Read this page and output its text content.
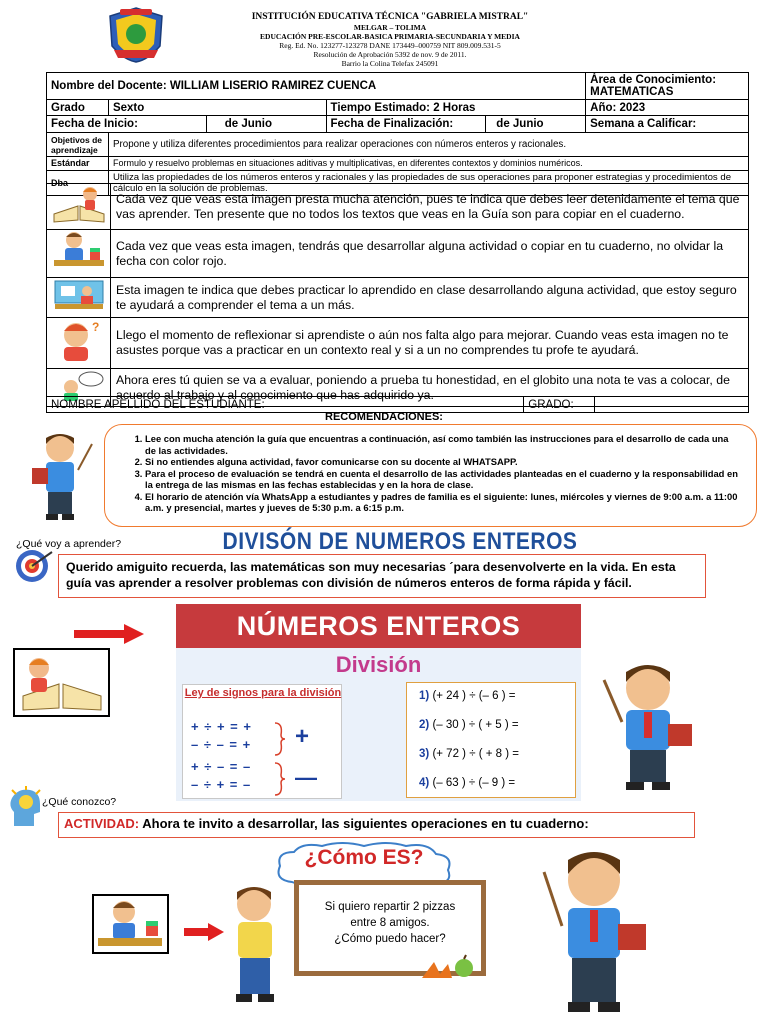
INSTITUCIÓN EDUCATIVA TÉCNICA "GABRIELA MISTRAL"
MELGAR – TOLIMA
EDUCACIÓN PRE-ESCOLAR-BASICA PRIMARIA-SECUNDARIA Y MEDIA
Reg. Ed. No. 123277-123278 DANE 173449–000759 NIT 809.009.531-5
Resolución de Aprobación 5392 de nov. 9 de 2011.
Barrio la Colina Telefax 245091
Nombre del Docente: WILLIAM LISERIO RAMIREZ CUENCA					Área de Conocimiento: MATEMATICAS
Grado	Sexto		Tiempo Estimado: 2 Horas		Año: 2023
Fecha de Inicio:		de Junio	Fecha de Finalización:	de Junio	Semana a Calificar:
Objetivos de aprendizaje	Propone y utiliza diferentes procedimientos para realizar operaciones con números enteros y racionales.				
Estándar	Formulo y resuelvo problemas en situaciones aditivas y multiplicativas, en diferentes contextos y dominios numéricos.				
Dba	Utiliza las propiedades de los números enteros y racionales y las propiedades de sus operaciones para proponer estrategias y procedimientos de cálculo en la solución de problemas.				
	Cada vez que veas esta imagen presta mucha atención, pues te indica que debes leer detenidamente el tema que vas aprender. Ten presente que no todos los textos que veas en la Guía son para copiar en el cuaderno.
	Cada vez que veas esta imagen, tendrás que desarrollar alguna actividad o copiar en tu cuaderno, no olvidar la fecha con color rojo.
	Esta imagen te indica que debes practicar lo aprendido en clase desarrollando alguna actividad, que estoy seguro te ayudará a comprender el tema a un más.

?	Llego el momento de reflexionar si aprendiste o aún nos falta algo para mejorar. Cuando veas esta imagen no te asustes porque vas a practicar en un contexto real y si a un no comprendes tu profe te ayudará.
	Ahora eres tú quien se va a evaluar, poniendo a prueba tu honestidad, en el globito una nota te vas a colocar, de acuerdo al trabajo y al conocimiento que has adquirido ya.
NOMBRE APELLIDO DEL ESTUDIANTE:	GRADO:	
RECOMENDACIONES:
1. Lee con mucha atención la guía que encuentras a continuación, así como también las instrucciones para el desarrollo de cada una de las actividades.
2. Si no entiendes alguna actividad, favor comunicarse con su docente al WHATSAPP.
3. Para el proceso de evaluación se tendrá en cuenta el desarrollo de las actividades planteadas en el cuaderno y la responsabilidad en la entrega de las mismas en las fechas establecidas y en la hora de clase.
4. El horario de atención vía WhatsApp a estudiantes y padres de familia es el siguiente: lunes, miércoles y viernes de 9:00 a.m. a 11:00 a.m. y presencial, martes y jueves de 5:30 p.m. a 6:15 p.m.
¿Qué voy a aprender?	DIVISÓN DE NUMEROS ENTEROS
Querido amiguito recuerda, las matemáticas son muy necesarias ´para desenvolverte en la vida. En esta guía vas aprender a resolver problemas con división de números enteros de forma rápida y fácil.
NÚMEROS ENTEROS
División
Ley de signos para la división
+ ÷ + = +
– ÷ – = +
+ ÷ – = –
– ÷ + = –
+
—
1) (+ 24 ) ÷ (– 6 ) =
2) (– 30 ) ÷ ( + 5 ) =
3) (+ 72 ) ÷ ( + 8 ) =
4) (– 63 ) ÷ (– 9 ) =
¿Qué conozco?
ACTIVIDAD: Ahora te invito a desarrollar, las siguientes operaciones en tu cuaderno:
¿Cómo ES?
Si quiero repartir 2 pizzas
entre 8 amigos.
¿Cómo puedo hacer?
